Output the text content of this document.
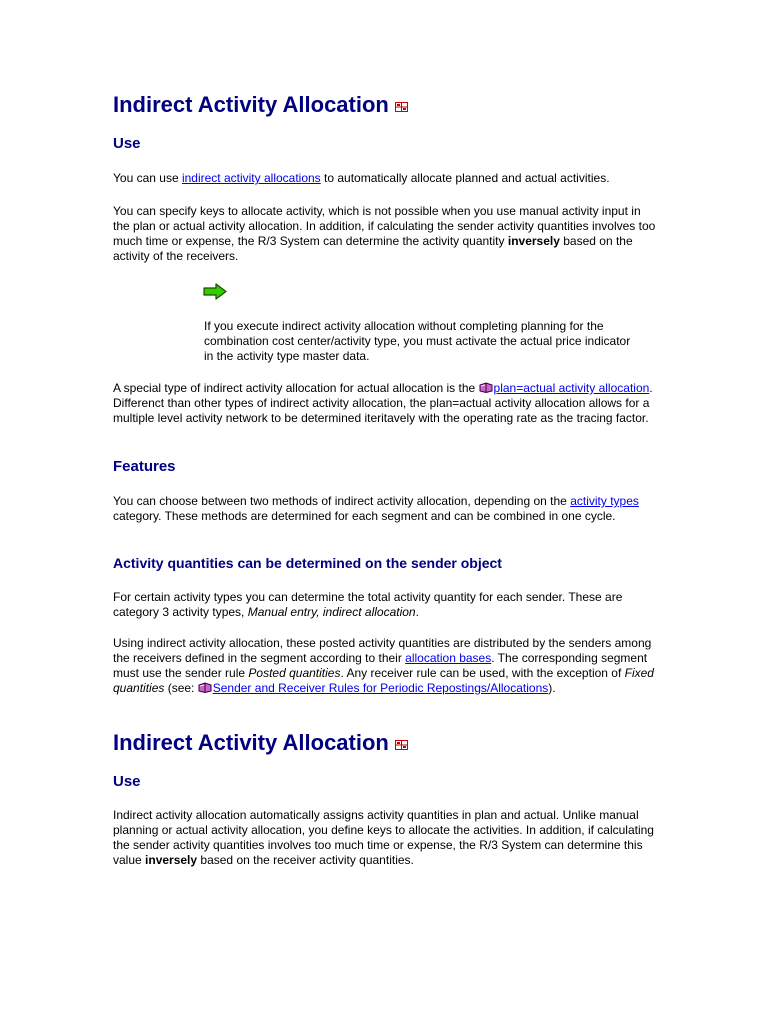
Indirect Activity Allocation
Use
You can use indirect activity allocations to automatically allocate planned and actual activities.
You can specify keys to allocate activity, which is not possible when you use manual activity input in the plan or actual activity allocation. In addition, if calculating the sender activity quantities involves too much time or expense, the R/3 System can determine the activity quantity inversely based on the activity of the receivers.
If you execute indirect activity allocation without completing planning for the combination cost center/activity type, you must activate the actual price indicator in the activity type master data.
A special type of indirect activity allocation for actual allocation is the plan=actual activity allocation. Differenct than other types of indirect activity allocation, the plan=actual activity allocation allows for a multiple level activity network to be determined iteritavely with the operating rate as the tracing factor.
Features
You can choose between two methods of indirect activity allocation, depending on the activity types category. These methods are determined for each segment and can be combined in one cycle.
Activity quantities can be determined on the sender object
For certain activity types you can determine the total activity quantity for each sender. These are category 3 activity types, Manual entry, indirect allocation.
Using indirect activity allocation, these posted activity quantities are distributed by the senders among the receivers defined in the segment according to their allocation bases. The corresponding segment must use the sender rule Posted quantities. Any receiver rule can be used, with the exception of Fixed quantities (see: Sender and Receiver Rules for Periodic Repostings/Allocations).
Indirect Activity Allocation
Use
Indirect activity allocation automatically assigns activity quantities in plan and actual. Unlike manual planning or actual activity allocation, you define keys to allocate the activities. In addition, if calculating the sender activity quantities involves too much time or expense, the R/3 System can determine this value inversely based on the receiver activity quantities.
